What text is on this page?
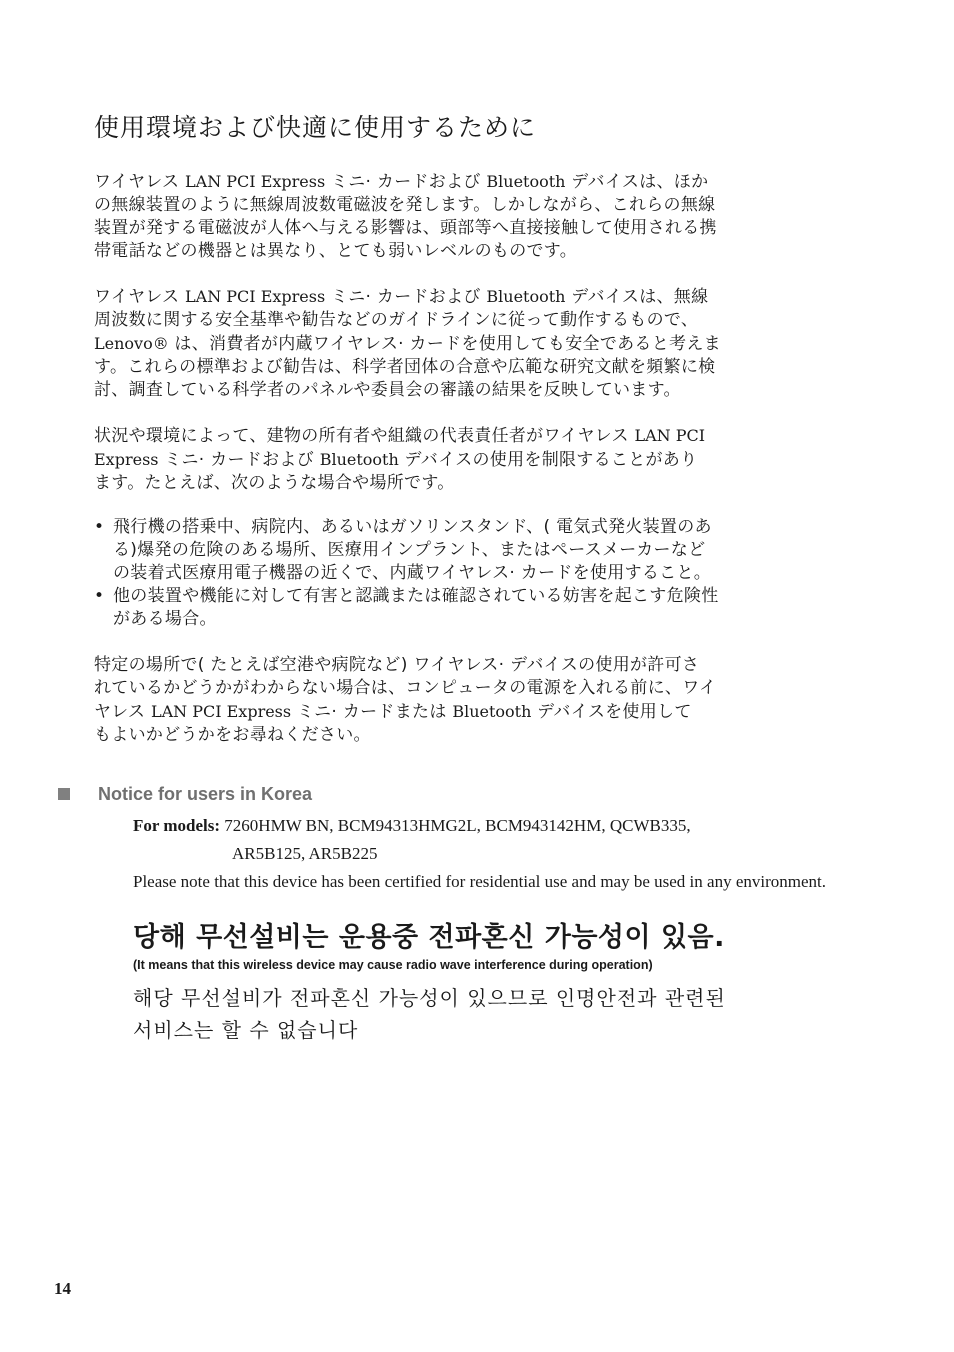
使用環境および快適に使用するために
ワイヤレス LAN PCI Express ミニ· カードおよび Bluetooth デバイスは、ほか
の無線装置のように無線周波数電磁波を発します。しかしながら、これらの無線
装置が発する電磁波が人体へ与える影響は、頭部等へ直接接触して使用される携
帯電話などの機器とは異なり、とても弱いレベルのものです。
ワイヤレス LAN PCI Express ミニ· カードおよび Bluetooth デバイスは、無線
周波数に関する安全基準や勧告などのガイドラインに従って動作するもので、
Lenovo® は、消費者が内蔵ワイヤレス· カードを使用しても安全であると考えま
す。これらの標準および勧告は、科学者団体の合意や広範な研究文献を頻繁に検
討、調査している科学者のパネルや委員会の審議の結果を反映しています。
状況や環境によって、建物の所有者や組織の代表責任者がワイヤレス LAN PCI
Express ミニ· カードおよび Bluetooth デバイスの使用を制限することがあり
ます。たとえば、次のような場合や場所です。
• 飛行機の搭乗中、病院内、あるいはガソリンスタンド、( 電気式発火装置のあ
る)爆発の危険のある場所、医療用インプラント、またはペースメーカーなど
の装着式医療用電子機器の近くで、内蔵ワイヤレス· カードを使用すること。
• 他の装置や機能に対して有害と認識または確認されている妨害を起こす危険性
がある場合。
特定の場所で( たとえば空港や病院など) ワイヤレス· デバイスの使用が許可さ
れているかどうかがわからない場合は、コンピュータの電源を入れる前に、ワイ
ヤレス LAN PCI Express ミニ· カードまたは Bluetooth デバイスを使用して
もよいかどうかをお尋ねください。
Notice for users in Korea
For models: 7260HMW BN, BCM94313HMG2L, BCM943142HM, QCWB335,
AR5B125, AR5B225
Please note that this device has been certified for residential use and may be used in any environment.
당해 무선설비는 운용중 전파혼신 가능성이 있음.
(It means that this wireless device may cause radio wave interference during operation)
해당 무선설비가 전파혼신 가능성이 있으므로 인명안전과 관련된
서비스는 할 수 없습니다
14
